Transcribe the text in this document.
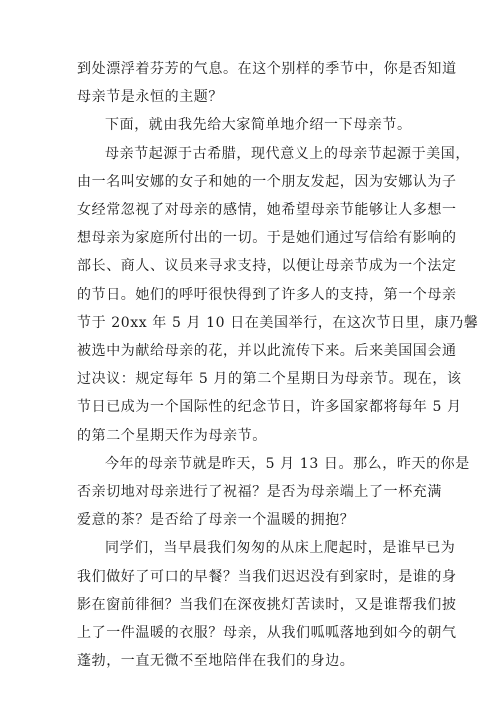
到处漂浮着芬芳的气息。在这个别样的季节中，你是否知道
母亲节是永恒的主题？
下面，就由我先给大家简单地介绍一下母亲节。
母亲节起源于古希腊，现代意义上的母亲节起源于美国，
由一名叫安娜的女子和她的一个朋友发起，因为安娜认为子
女经常忽视了对母亲的感情，她希望母亲节能够让人多想一
想母亲为家庭所付出的一切。于是她们通过写信给有影响的
部长、商人、议员来寻求支持，以便让母亲节成为一个法定
的节日。她们的呼吁很快得到了许多人的支持，第一个母亲
节于 20xx 年 5 月 10 日在美国举行，在这次节日里，康乃馨
被选中为献给母亲的花，并以此流传下来。后来美国国会通
过决议：规定每年 5 月的第二个星期日为母亲节。现在，该
节日已成为一个国际性的纪念节日，许多国家都将每年 5 月
的第二个星期天作为母亲节。
今年的母亲节就是昨天，5 月 13 日。那么，昨天的你是
否亲切地对母亲进行了祝福？是否为母亲端上了一杯充满
爱意的茶？是否给了母亲一个温暖的拥抱？
同学们，当早晨我们匆匆的从床上爬起时，是谁早已为
我们做好了可口的早餐？当我们迟迟没有到家时，是谁的身
影在窗前徘徊？当我们在深夜挑灯苦读时，又是谁帮我们披
上了一件温暖的衣服？母亲，从我们呱呱落地到如今的朝气
蓬勃，一直无微不至地陪伴在我们的身边。
